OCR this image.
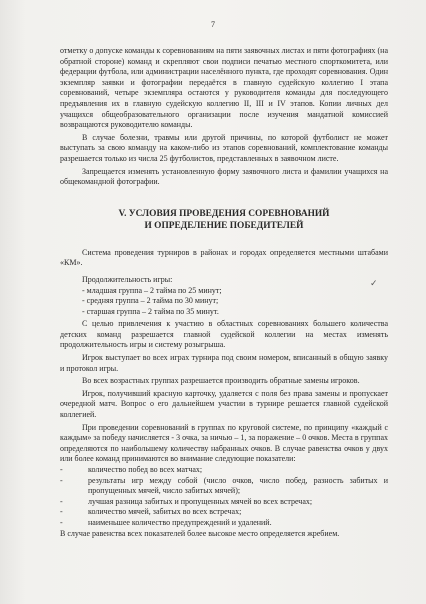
7
✓

отметку о допуске команды к соревнованиям на пяти заявочных листах и пяти фотографиях (на обратной стороне) команд и скрепляют свои подписи печатью местного спорткомитета, или федерации футбола, или администрации населённого пункта, где проходят соревнования. Один экземпляр заявки и фотографии передаётся в главную судейскую коллегию I этапа соревнований, четыре экземпляра остаются у руководителя команды для последующего предъявления их в главную судейскую коллегию II, III и IV этапов. Копии личных дел учащихся общеобразовательного организации после изучения мандатной комиссией возвращаются руководителю команды.

В случае болезни, травмы или другой причины, по которой футболист не может выступать за свою команду на каком-либо из этапов соревнований, комплектование команды разрешается только из числа 25 футболистов, представленных в заявочном листе.

Запрещается изменять установленную форму заявочного листа и фамилии учащихся на общекомандной фотографии.

V. УСЛОВИЯ ПРОВЕДЕНИЯ СОРЕВНОВАНИЙ
И ОПРЕДЕЛЕНИЕ ПОБЕДИТЕЛЕЙ

Система проведения турниров в районах и городах определяется местными штабами «КМ».

Продолжительность игры:

- младшая группа – 2 тайма по 25 минут;

- средняя группа – 2 тайма по 30 минут;

- старшая группа – 2 тайма по 35 минут.

С целью привлечения к участию в областных соревнованиях большего количества детских команд разрешается главной судейской коллегии на местах изменять продолжительность игры и систему розыгрыша.

Игрок выступает во всех играх турнира под своим номером, вписанный в общую заявку и протокол игры.

Во всех возрастных группах разрешается производить обратные замены игроков.

Игрок, получивший красную карточку, удаляется с поля без права замены и пропускает очередной матч. Вопрос о его дальнейшем участии в турнире решается главной судейской коллегией.

При проведении соревнований в группах по круговой системе, по принципу «каждый с каждым» за победу начисляется - 3 очка, за ничью – 1, за поражение – 0 очков. Места в группах определяются по наибольшему количеству набранных очков. В случае равенства очков у двух или более команд принимаются во внимание следующие показатели:

-	количество побед во всех матчах;
-	результаты игр между собой (число очков, число побед, разность забитых и пропущенных мячей, число забитых мячей);
-	лучшая разница забитых и пропущенных мячей во всех встречах;
-	количество мячей, забитых во всех встречах;
-	наименьшее количество предупреждений и удалений.

В случае равенства всех показателей более высокое место определяется жребием.
